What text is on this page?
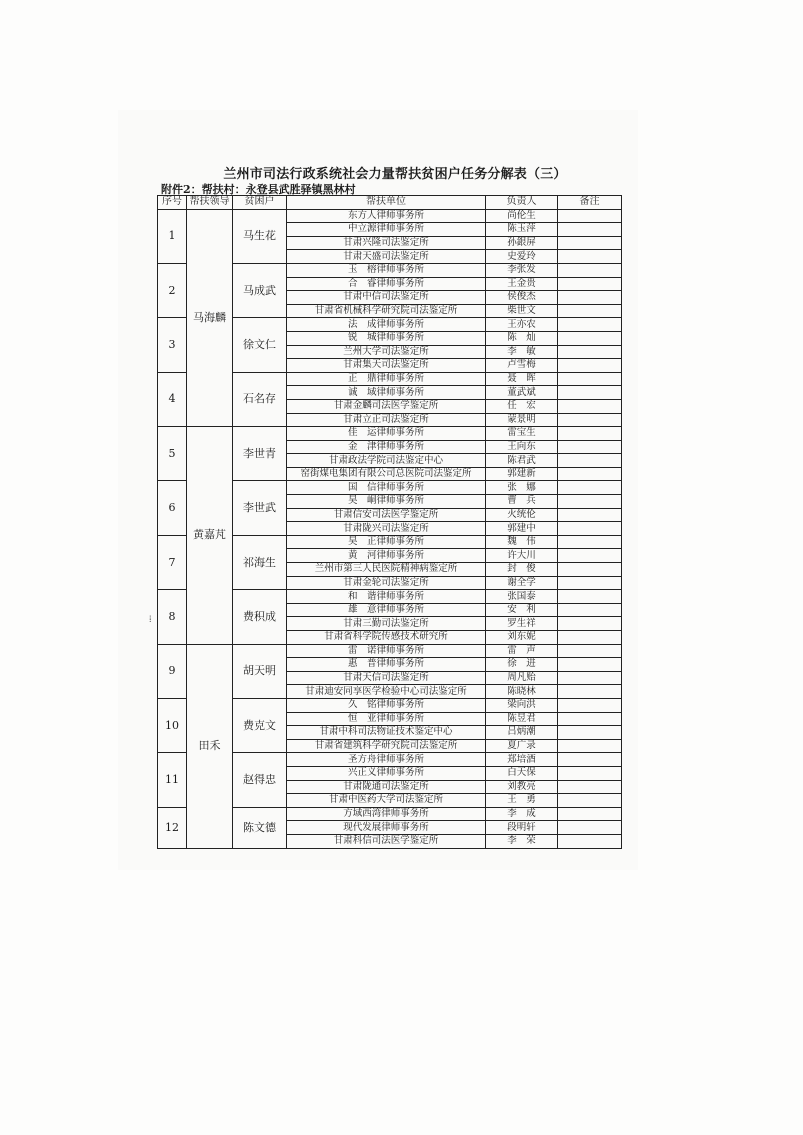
兰州市司法行政系统社会力量帮扶贫困户任务分解表（三）
附件2：帮扶村：永登县武胜驿镇黑林村
序号	帮扶领导	贫困户	帮扶单位	负责人	备注
1	马海麟	马生花	东方人律师事务所	尚伦生	
			中立源律师事务所	陈玉萍	
			甘肃兴隆司法鉴定所	孙銀屏	
			甘肃天盛司法鉴定所	史爱玲	
2		马成武	玉　榕律师事务所	李张发	
			合　睿律师事务所	王金贵	
			甘肃中信司法鉴定所	侯俊杰	
			甘肃省机械科学研究院司法鉴定所	柴世文	
3		徐文仁	法　成律师事务所	王亦农	
			锐　城律师事务所	陈　灿	
			兰州大学司法鉴定所	李　敏	
			甘肃集天司法鉴定所	卢雪梅	
4		石名存	正　鼎律师事务所	聂　晖	
			诚　域律师事务所	董武斌	
			甘肃金麟司法医学鉴定所	任　宏	
			甘肃立正司法鉴定所	蒙景明	
5	黄嘉芃	李世青	佳　运律师事务所	雷宝生	
			金　津律师事务所	王向东	
			甘肃政法学院司法鉴定中心	陈君武	
			窑街煤电集团有限公司总医院司法鉴定所	郭建新	
6		李世武	国　信律师事务所	张　娜	
			昊　峒律师事务所	曹　兵	
			甘肃信安司法医学鉴定所	火统伦	
			甘肃陇兴司法鉴定所	郭建中	
7		祁海生	昊　正律师事务所	魏　伟	
			黄　河律师事务所	许大川	
			兰州市第三人民医院精神病鉴定所	封　俊	
			甘肃金轮司法鉴定所	谢全学	
8		费积成	和　谐律师事务所	张国泰	
			雄　意律师事务所	安　利	
			甘肃三勤司法鉴定所	罗生祥	
			甘肃省科学院传感技术研究所	刘东妮	
9	田禾	胡天明	雷　诺律师事务所	雷　声	
			惠　普律师事务所	徐　进	
			甘肃天信司法鉴定所	周凡贻	
			甘肃迪安同享医学检验中心司法鉴定所	陈晓林	
10		费克文	久　铭律师事务所	梁向洪	
			恒　亚律师事务所	陈昱君	
			甘肃中科司法物证技术鉴定中心	吕炳潮	
			甘肃省建筑科学研究院司法鉴定所	夏广录	
11		赵得忠	圣方舟律师事务所	郑培酒	
			兴正义律师事务所	白天保	
			甘肃陇通司法鉴定所	刘教亮	
			甘肃中医药大学司法鉴定所	王　勇	
12		陈文德	方域西湾律师事务所	李　成	
			现代发展律师事务所	段明轩	
			甘肃科信司法医学鉴定所	李　荣	
⁞
